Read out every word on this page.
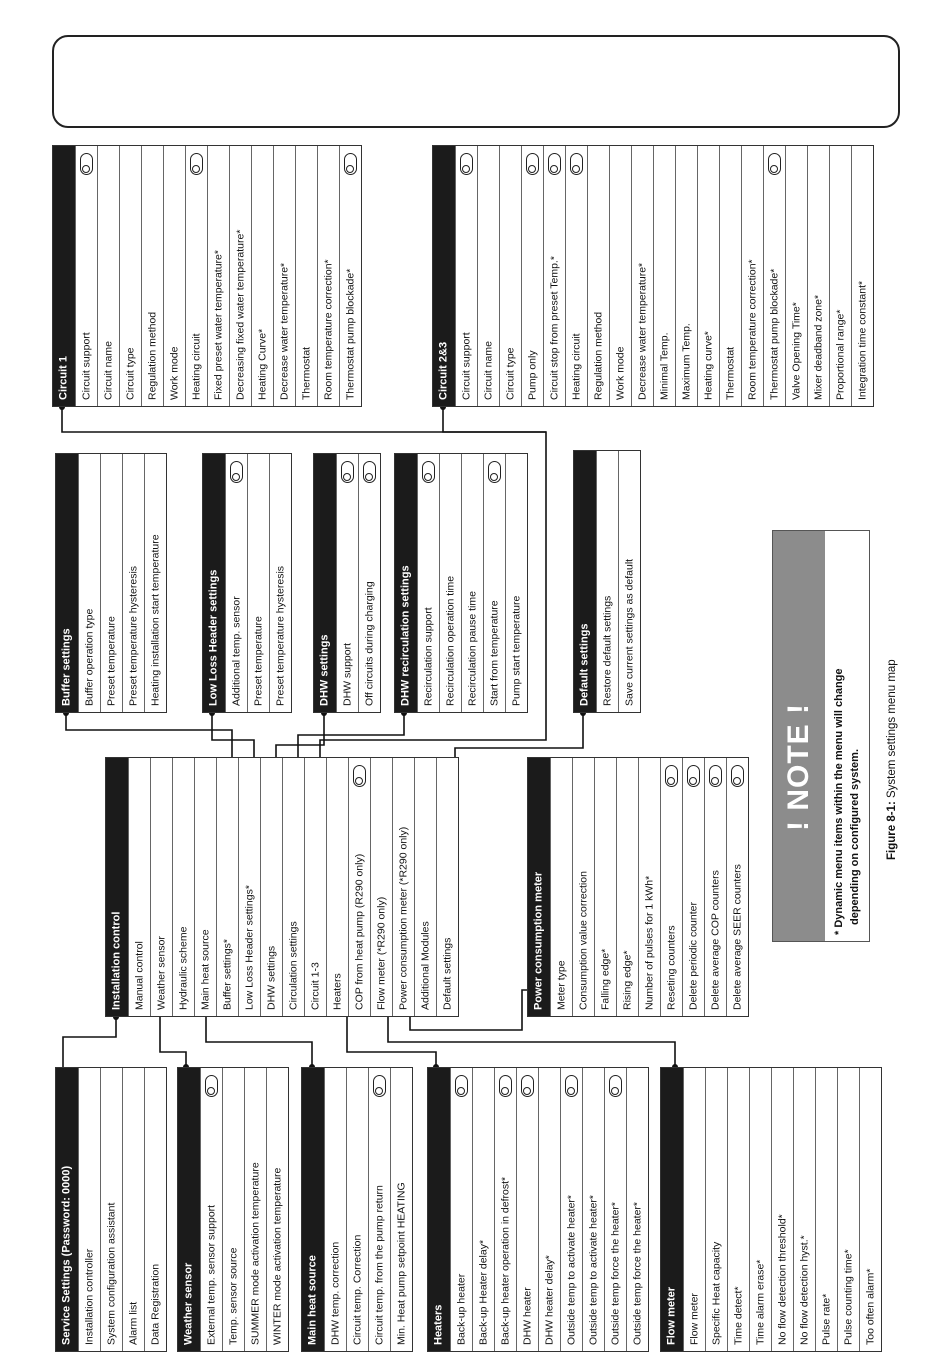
Service Settings (Password: 0000) Installation controller System configuration assistant Alarm list Data Registration Weather sensor External temp. sensor support Temp. sensor source SUMMER mode activation temperature WINTER mode activation temperature Main heat source DHW temp. correction Circuit temp. Correction Circuit temp. from the pump return Min. Heat pump setpoint HEATING Heaters Back-up heater Back-up Heater delay* Back-up heater operation in defrost* DHW heater DHW heater delay* Outside temp to activate heater* Outside temp to activate heater* Outside temp force the heater* Outside temp force the heater* Flow meter Flow meter Specific Heat capacity Time detect* Time alarm erase* No flow detection threshold* No flow detection hyst.* Pulse rate* Pulse counting time* Too often alarm*
Installation control Manual control Weather sensor Hydraulic scheme Main heat source Buffer settings* Low Loss Header settings* DHW settings Circulation settings Circuit 1-3 Heaters COP from heat pump (R290 only) Flow meter (*R290 only) Power consumption meter (*R290 only) Additional Modules Default settings	Power consumption meter Meter type Consumption value correction Falling edge* Rising edge* Number of pulses for 1 kWh* Reseting counters Delete periodic counter Delete average COP counters Delete average SEER counters
Buffer settings Buffer operation type Preset temperature Preset temperature hysteresis Heating installation start temperature	Low Loss Header settings Additional temp. sensor Preset temperature Preset temperature hysteresis	DHW settings DHW support Off circuits during charging DHW recirculation settings Recirculation support Recirculation operation time Recirculation pause time Start from temperature Pump start temperature	Default settings Restore default settings Save current settings as default
Circuit 1 Circuit support Circuit name Circuit type Regulation method Work mode Heating circuit Fixed preset water temperature* Decreasing fixed water temperature* Heating Curve* Decrease water temperature* Thermostat Room temperature correction* Thermostat pump blockade*	Circuit 2&3 Circuit support Circuit name Circuit type Pump only Circuit stop from preset Temp.* Heating circuit Regulation method Work mode Decrease water temperature* Minimal Temp. Maximum Temp. Heating curve* Thermostat Room temperature correction* Thermostat pump blockade* Valve Opening Time* Mixer deadband zone* Proportional range* Integration time constant*
! NOTE ! * Dynamic menu items within the menu will change depending on configured system. Figure 8-1: System settings menu map
